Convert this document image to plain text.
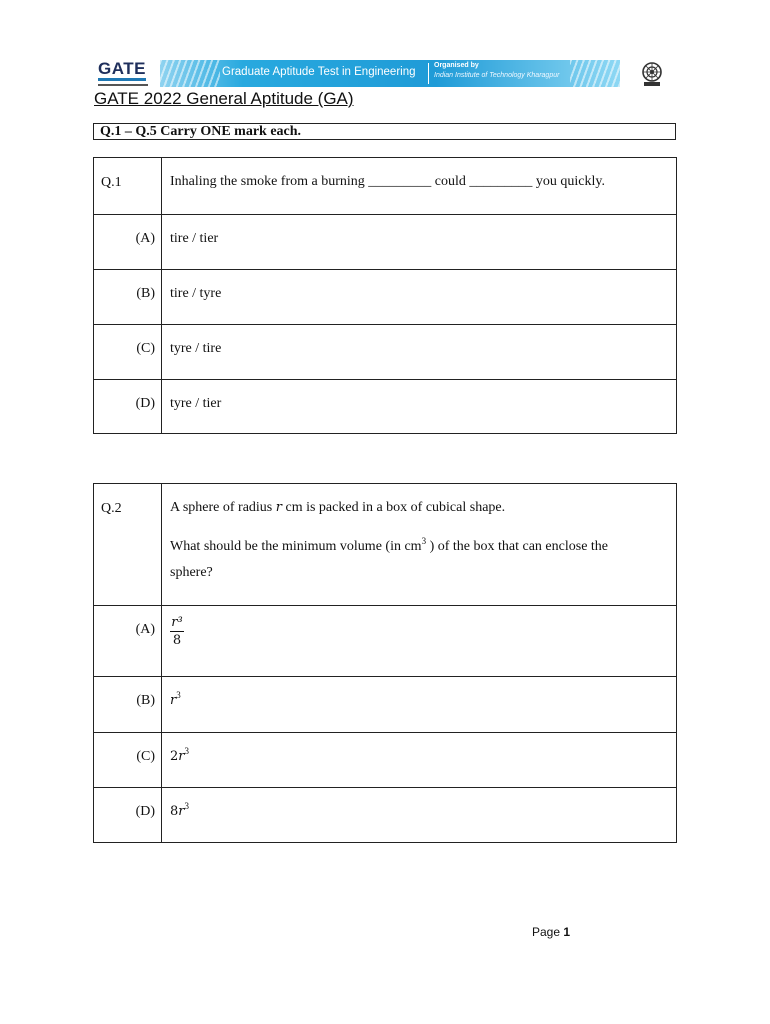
GATE	Graduate Aptitude Test in Engineering
Organised by
Indian Institute of Technology Kharagpur
GATE 2022 General Aptitude (GA)
Q.1 – Q.5 Carry ONE mark each.
Q.1	Inhaling the smoke from a burning _________ could _________ you quickly.
(A) tire / tier
(B) tire / tyre
(C) tyre / tire
(D) tyre / tier
Q.2	A sphere of radius r cm is packed in a box of cubical shape.
What should be the minimum volume (in $cm^3$ ) of the box that can enclose the
sphere?
$(A) \frac{\text{r³}}{8}$
(B) $r^3$
(C) $2r^3$
(D) $8r^3$
Page 1
